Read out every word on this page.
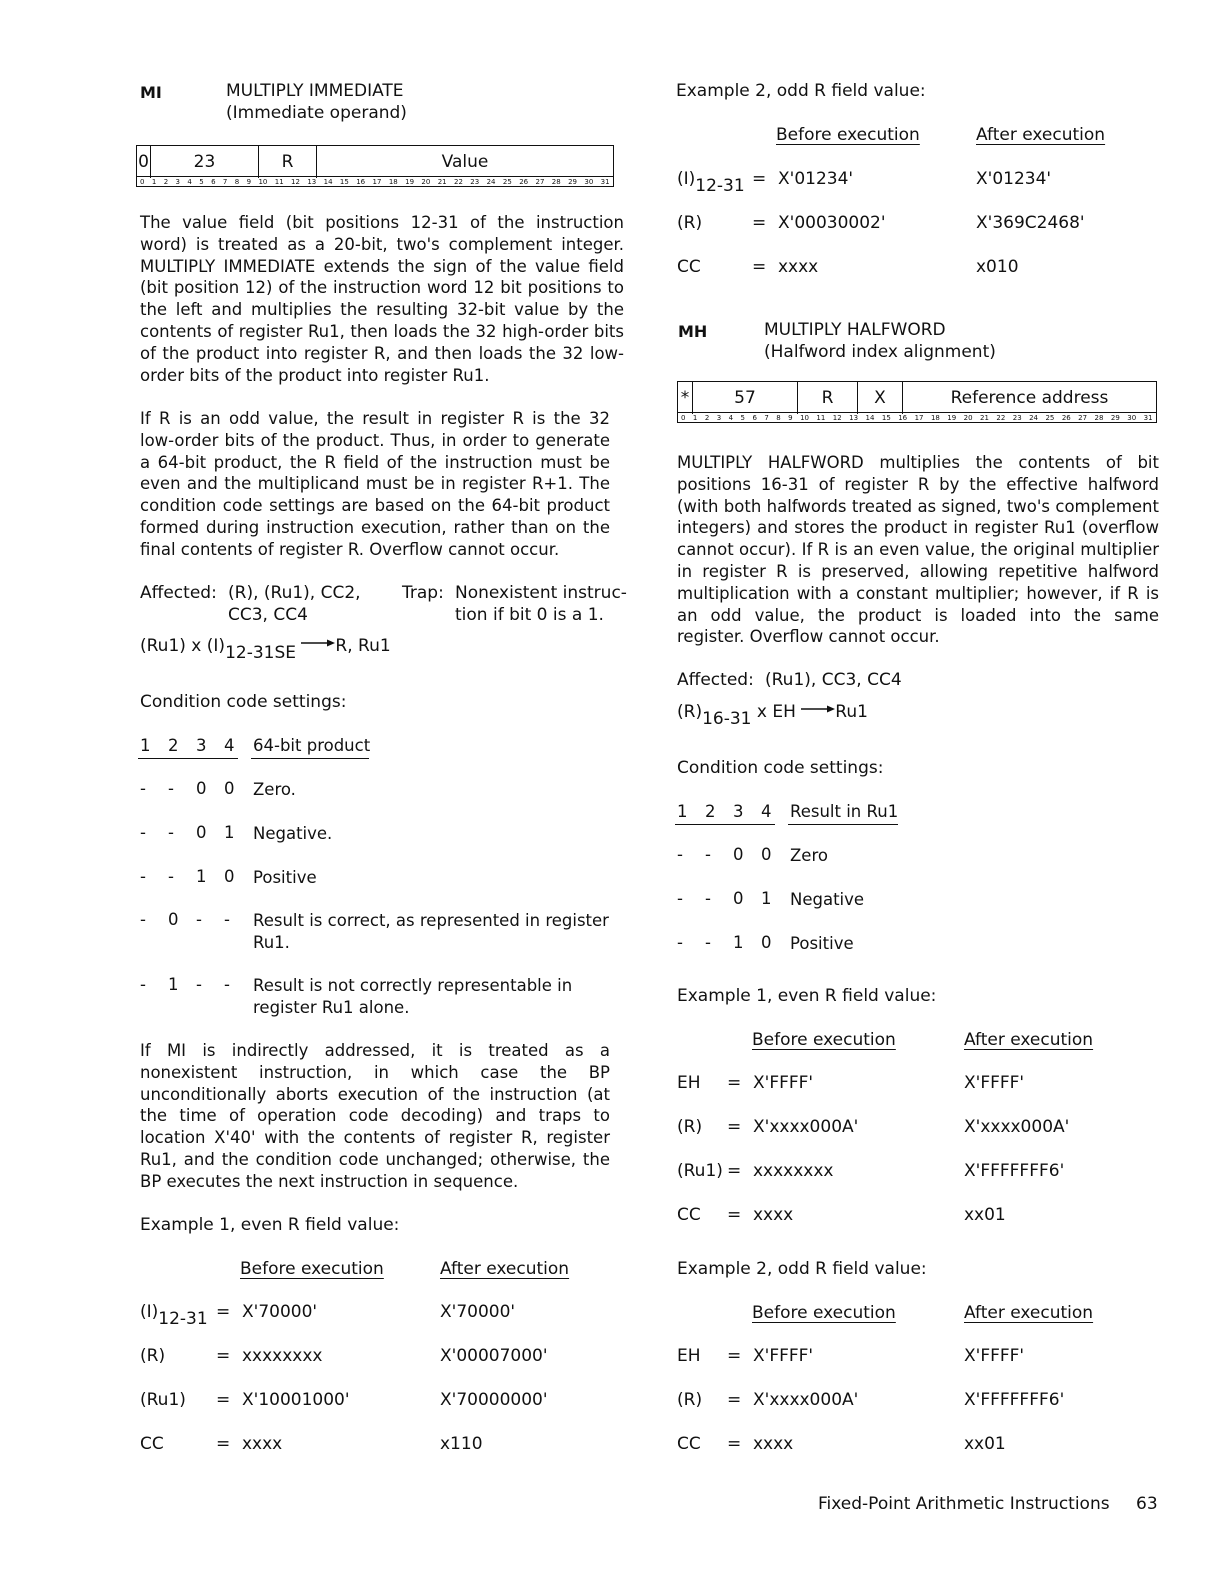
MI	MULTIPLY IMMEDIATE
(Immediate operand)
0	23	R	Value
0 1 2 3 4 5 6 7 8 9 10 11 12 13 14 15 16 17 18 19 20 21 22 23 24 25 26 27 28 29 30 31
The value field (bit positions 12-31 of the instruction word) is treated as a 20-bit, two's complement integer. MULTIPLY IMMEDIATE extends the sign of the value field (bit position 12) of the instruction word 12 bit positions to the left and multiplies the resulting 32-bit value by the contents of register Ru1, then loads the 32 high-order bits of the product into register R, and then loads the 32 low-order bits of the product into register Ru1.
If R is an odd value, the result in register R is the 32 low-order bits of the product. Thus, in order to generate a 64-bit product, the R field of the instruction must be even and the multiplicand must be in register R+1. The condition code settings are based on the 64-bit product formed during instruction execution, rather than on the final contents of register R. Overflow cannot occur.
Affected: (R), (Ru1), CC2,
CC3, CC4
Trap: Nonexistent instruc-
tion if bit 0 is a 1.
(Ru1) x (I)12-31SE R, Ru1
Condition code settings:
1 2 3 4 64-bit product
- - 0 0 Zero.
- - 0 1 Negative.
- - 1 0 Positive
- 0 - - Result is correct, as represented in register Ru1.
- 1 - - Result is not correctly representable in register Ru1 alone.
If MI is indirectly addressed, it is treated as a nonexistent instruction, in which case the BP unconditionally aborts execution of the instruction (at the time of operation code decoding) and traps to location X'40' with the contents of register R, register Ru1, and the condition code unchanged; otherwise, the BP executes the next instruction in sequence.
Example 1, even R field value:
Before execution	After execution
(I)12-31 = X'70000'	X'70000'
(R)	= xxxxxxxx	X'00007000'
(Ru1) = X'10001000'	X'70000000'
CC	= xxxx	x110
Example 2, odd R field value:
Before execution	After execution
(I)12-31 = X'01234'	X'01234'
(R)	= X'00030002'	X'369C2468'
CC	= xxxx	x010
MH	MULTIPLY HALFWORD
(Halfword index alignment)
*	57	R	X	Reference address
0 1 2 3 4 5 6 7 8 9 10 11 12 13 14 15 16 17 18 19 20 21 22 23 24 25 26 27 28 29 30 31
MULTIPLY HALFWORD multiplies the contents of bit positions 16-31 of register R by the effective halfword (with both halfwords treated as signed, two's complement integers) and stores the product in register Ru1 (overflow cannot occur). If R is an even value, the original multiplier in register R is preserved, allowing repetitive halfword multiplication with a constant multiplier; however, if R is an odd value, the product is loaded into the same register. Overflow cannot occur.
Affected: (Ru1), CC3, CC4
(R)16-31 x EH Ru1
Condition code settings:
1 2 3 4 Result in Ru1
- - 0 0 Zero
- - 0 1 Negative
- - 1 0 Positive
Example 1, even R field value:
Before execution	After execution
EH = X'FFFF'	X'FFFF'
(R) = X'xxxx000A'	X'xxxx000A'
(Ru1) = xxxxxxxx	X'FFFFFFF6'
CC = xxxx	xx01
Example 2, odd R field value:
Before execution	After execution
EH = X'FFFF'	X'FFFF'
(R) = X'xxxx000A'	X'FFFFFFF6'
CC = xxxx	xx01
Fixed-Point Arithmetic Instructions 63
